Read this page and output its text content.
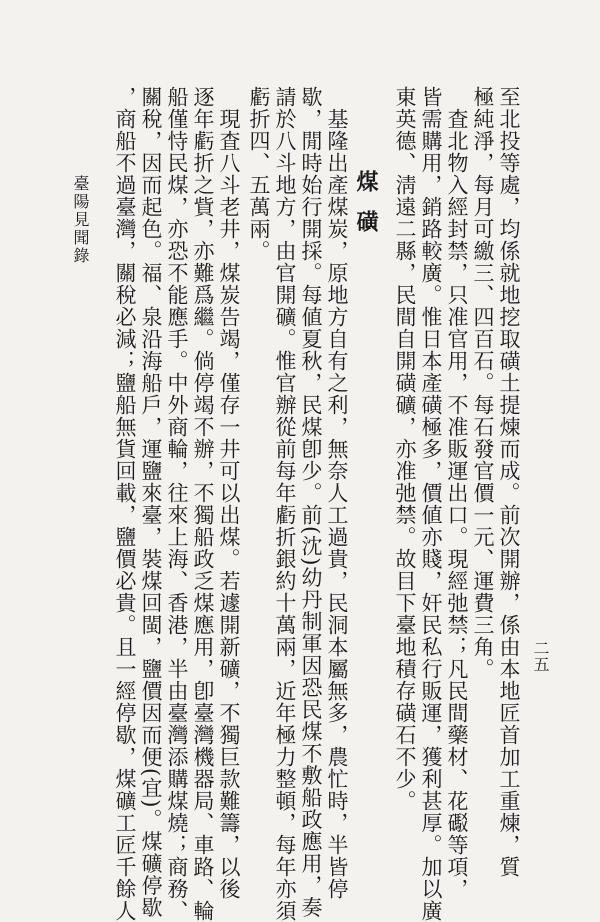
至北投等處，均係就地挖取磺土提煉而成。前次開辦，係由本地匠首加工重煉，質
極純淨，每月可繳三、四百石。每石發官價一元、運費三角。
査北物入經封禁，只准官用，不准販運出口。現經弛禁；凡民間藥材、花礟等項，
皆需購用，銷路較廣。惟日本產磺極多，價値亦賤，奸民私行販運，獲利甚厚。加以廣
東英德、淸遠二縣，民間自開磺礦，亦准弛禁。故目下臺地積存磺石不少。
煤磺
基隆出產煤炭，原地方自有之利，無奈人工過貴，民洞本屬無多，農忙時，半皆停
歇，閒時始行開採。每値夏秋，民煤卽少。前(沈)幼丹制軍因恐民煤不敷船政應用，奏
請於八斗地方，由官開礦。惟官辦從前每年虧折銀約十萬兩，近年極力整頓，每年亦須
虧折四、五萬兩。
現査八斗老井，煤炭告竭，僅存一井可以出煤。若遽開新礦，不獨巨款難籌，以後
逐年虧折之貲，亦難爲繼。倘停竭不辦，不獨船政乏煤應用，卽臺灣機器局、車路、輪
船僅恃民煤，亦恐不能應手。中外商輪，往來上海、香港，半由臺灣添購煤燒；商務、
關稅，因而起色。福、泉沿海船戶，運鹽來臺，裝煤回閩，鹽價因而便(宜)。煤礦停歇
，商船不過臺灣，關稅必減；鹽船無貨回載，鹽價必貴。且一經停歇，煤礦工匠千餘人	二五
臺陽見聞錄
